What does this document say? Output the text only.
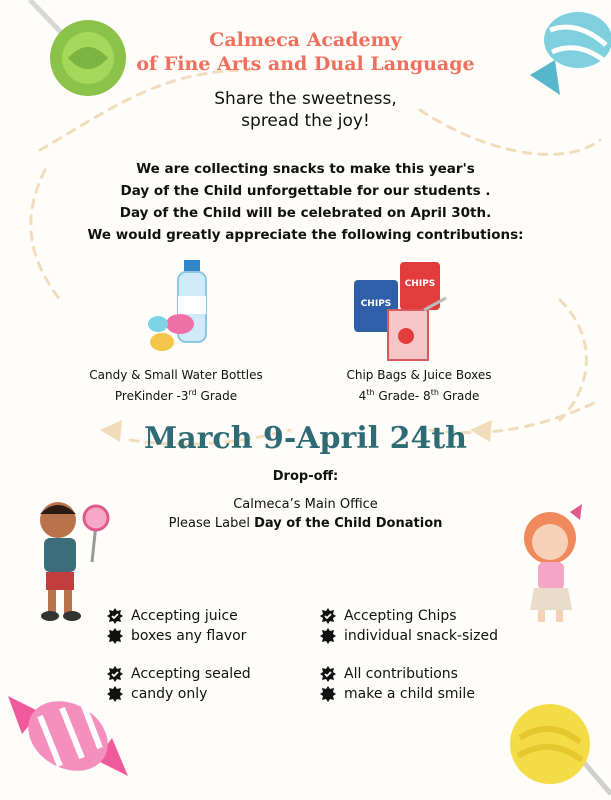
Calmeca Academy
of Fine Arts and Dual Language
Share the sweetness,
spread the joy!
We are collecting snacks to make this year's
Day of the Child unforgettable for our students .
Day of the Child will be celebrated on April 30th.
We would greatly appreciate the following contributions:
CHIPS
CHIPS
Candy & Small Water Bottles
PreKinder -3rd Grade
Chip Bags & Juice Boxes
4th Grade- 8th Grade
March 9-April 24th
Drop-off:
Calmeca’s Main Office
Please Label Day of the Child Donation
Accepting juice
boxes any flavor
Accepting Chips
individual snack-sized
Accepting sealed
candy only
All contributions
make a child smile
